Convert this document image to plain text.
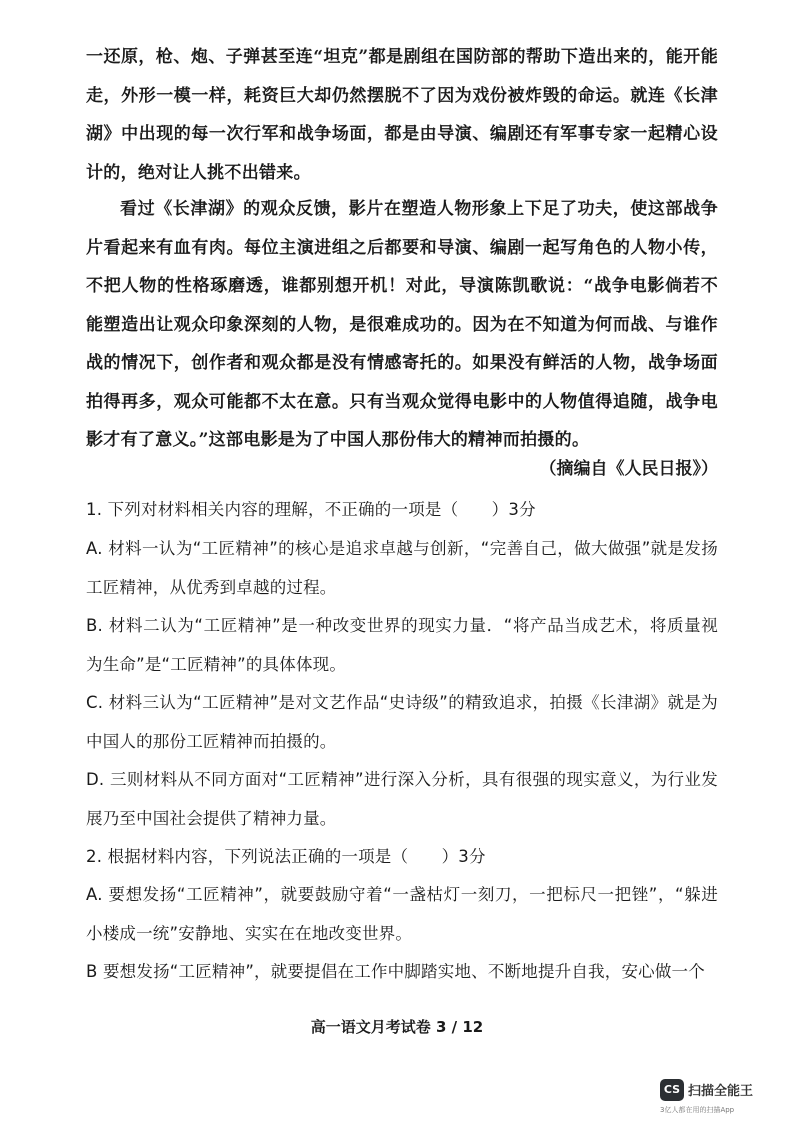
一还原，枪、炮、子弹甚至连“坦克”都是剧组在国防部的帮助下造出来的，能开能走，外形一模一样，耗资巨大却仍然摆脱不了因为戏份被炸毁的命运。就连《长津湖》中出现的每一次行军和战争场面，都是由导演、编剧还有军事专家一起精心设计的，绝对让人挑不出错来。

看过《长津湖》的观众反馈，影片在塑造人物形象上下足了功夫，使这部战争片看起来有血有肉。每位主演进组之后都要和导演、编剧一起写角色的人物小传，不把人物的性格琢磨透，谁都别想开机！对此，导演陈凯歌说：“战争电影倘若不能塑造出让观众印象深刻的人物，是很难成功的。因为在不知道为何而战、与谁作战的情况下，创作者和观众都是没有情感寄托的。如果没有鲜活的人物，战争场面拍得再多，观众可能都不太在意。只有当观众觉得电影中的人物值得追随，战争电影才有了意义。”这部电影是为了中国人那份伟大的精神而拍摄的。

（摘编自《人民日报》）

1. 下列对材料相关内容的理解，不正确的一项是（　　）3分

A. 材料一认为“工匠精神”的核心是追求卓越与创新，“完善自己，做大做强”就是发扬工匠精神，从优秀到卓越的过程。

B. 材料二认为“工匠精神”是一种改变世界的现实力量．“将产品当成艺术，将质量视为生命”是“工匠精神”的具体体现。

C. 材料三认为“工匠精神”是对文艺作品“史诗级”的精致追求，拍摄《长津湖》就是为中国人的那份工匠精神而拍摄的。

D. 三则材料从不同方面对“工匠精神”进行深入分析，具有很强的现实意义，为行业发展乃至中国社会提供了精神力量。

2. 根据材料内容，下列说法正确的一项是（　　）3分

A. 要想发扬“工匠精神”，就要鼓励守着“一盏枯灯一刻刀，一把标尺一把锉”，“躲进小楼成一统”安静地、实实在在地改变世界。

B 要想发扬“工匠精神”，就要提倡在工作中脚踏实地、不断地提升自我，安心做一个

高一语文月考试卷 3 / 12
CS 扫描全能王
3亿人都在用的扫描App
